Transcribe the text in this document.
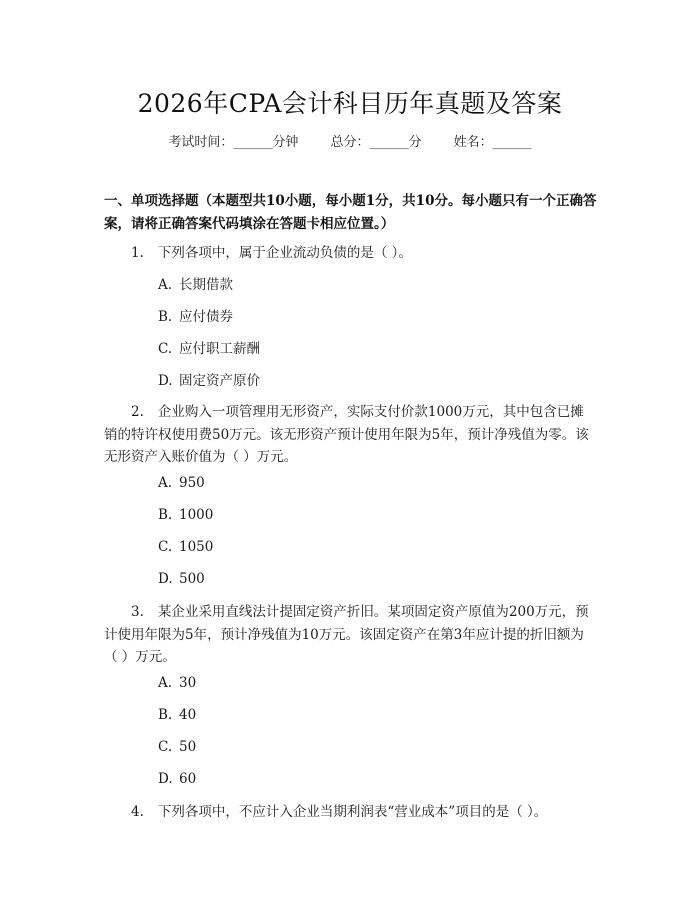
2026年CPA会计科目历年真题及答案
考试时间：______分钟 总分：______分 姓名：______
一、单项选择题（本题型共10小题，每小题1分，共10分。每小题只有一个正确答案，请将正确答案代码填涂在答题卡相应位置。）

1. 下列各项中，属于企业流动负债的是（ ）。

A. 长期借款
B. 应付债券
C. 应付职工薪酬
D. 固定资产原价

2. 企业购入一项管理用无形资产，实际支付价款1000万元，其中包含已摊销的特许权使用费50万元。该无形资产预计使用年限为5年，预计净残值为零。该无形资产入账价值为（ ）万元。

A. 950
B. 1000
C. 1050
D. 500

3. 某企业采用直线法计提固定资产折旧。某项固定资产原值为200万元，预计使用年限为5年，预计净残值为10万元。该固定资产在第3年应计提的折旧额为（ ）万元。

A. 30
B. 40
C. 50
D. 60

4. 下列各项中，不应计入企业当期利润表“营业成本”项目的是（ ）。
